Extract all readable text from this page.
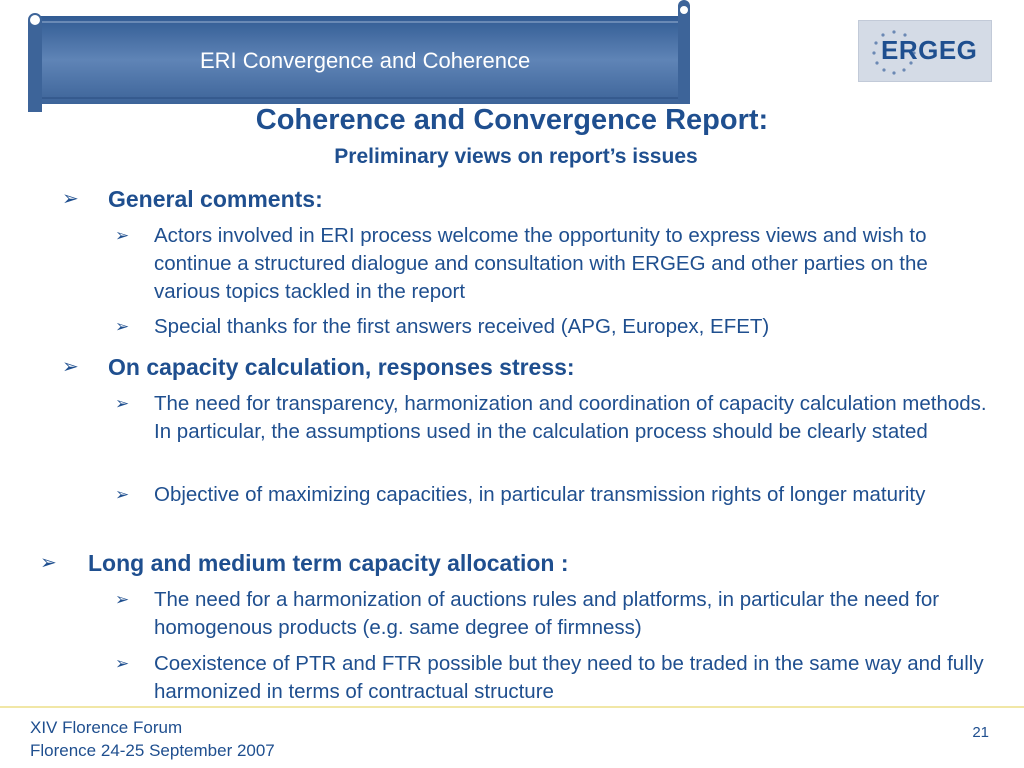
ERI Convergence and Coherence	ERGEG
Coherence and Convergence Report:
Preliminary views on report’s issues
➢ General comments:
➢ Actors involved in ERI process welcome the opportunity to express views and wish to continue a structured dialogue and consultation with ERGEG and other parties on the various topics tackled in the report
➢ Special thanks for the first answers received (APG, Europex, EFET)
➢ On capacity calculation, responses stress:
➢ The need for transparency, harmonization and coordination of capacity calculation methods. In particular, the assumptions used in the calculation process should be clearly stated
➢ Objective of maximizing capacities, in particular transmission rights of longer maturity
➢ Long and medium term capacity allocation :
➢ The need for a harmonization of auctions rules and platforms, in particular the need for homogenous products (e.g. same degree of firmness)
➢ Coexistence of PTR and FTR possible but they need to be traded in the same way and fully harmonized in terms of contractual structure
XIV Florence Forum
Florence 24-25 September 2007
21
